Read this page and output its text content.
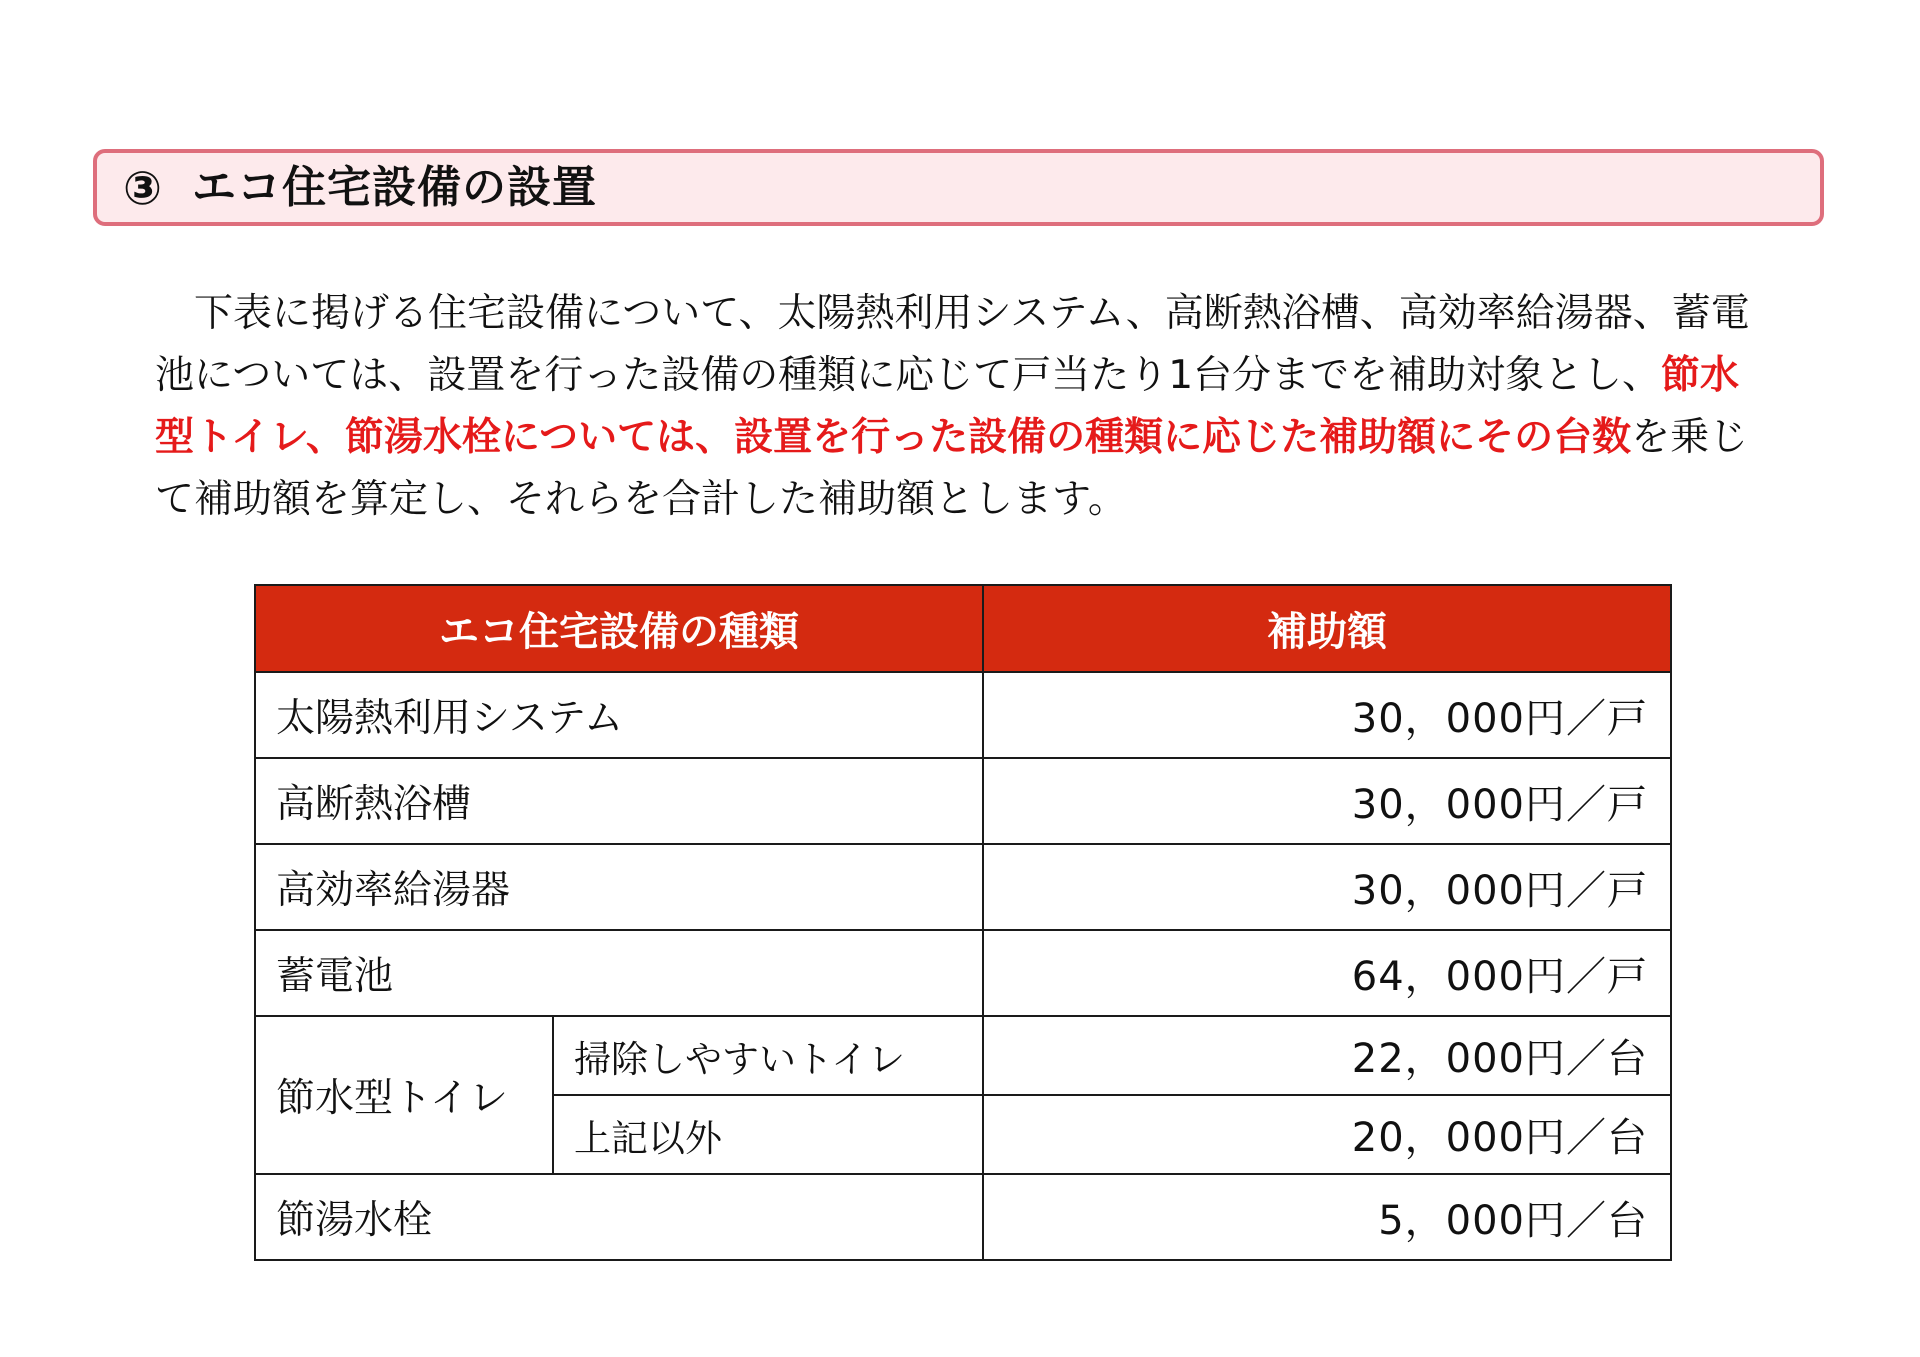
③ エコ住宅設備の設置

　下表に掲げる住宅設備について、太陽熱利用システム、高断熱浴槽、高効率給湯器、蓄電池については、設置を行った設備の種類に応じて戸当たり1台分までを補助対象とし、節水型トイレ、節湯水栓については、設置を行った設備の種類に応じた補助額にその台数を乗じて補助額を算定し、それらを合計した補助額とします。

エコ住宅設備の種類		補助額
太陽熱利用システム		30，000円／戸
高断熱浴槽		30，000円／戸
高効率給湯器		30，000円／戸
蓄電池		64，000円／戸
節水型トイレ	掃除しやすいトイレ	22，000円／台
	上記以外	20，000円／台
節湯水栓		5，000円／台
